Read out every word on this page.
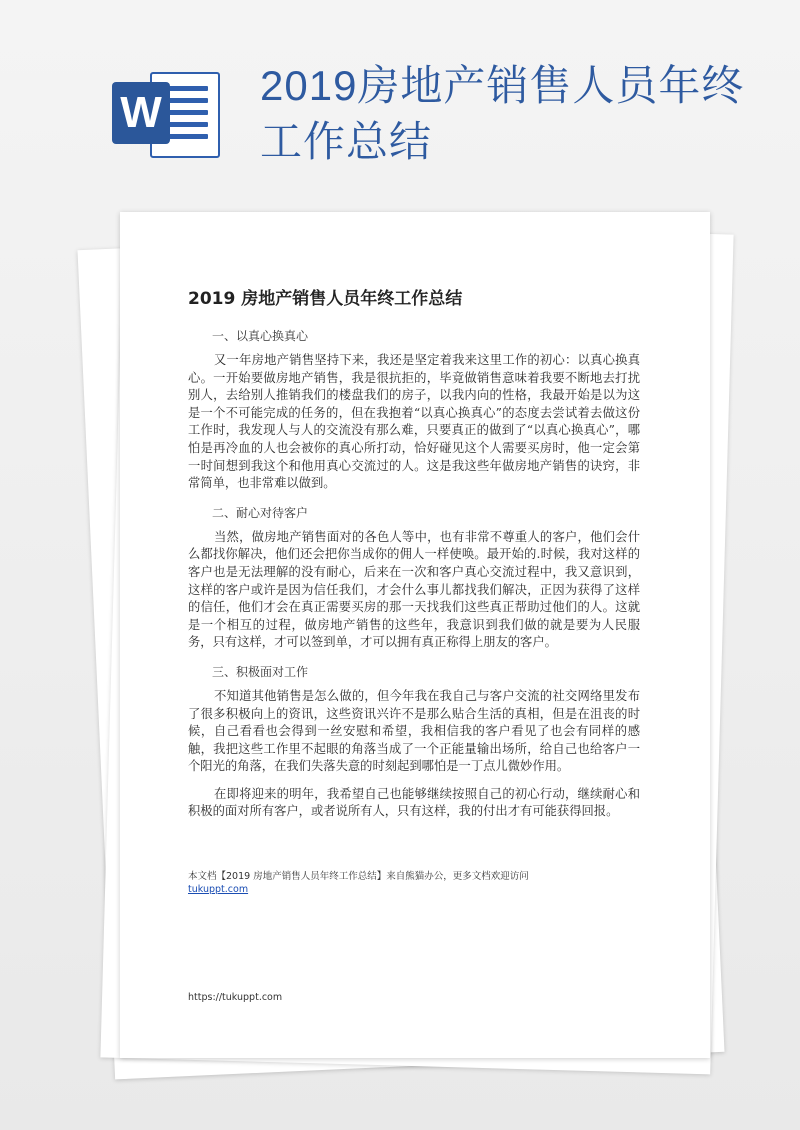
W
2019房地产销售人员年终工作总结
2019 房地产销售人员年终工作总结
一、以真心换真心

又一年房地产销售坚持下来，我还是坚定着我来这里工作的初心：以真心换真心。一开始要做房地产销售，我是很抗拒的，毕竟做销售意味着我要不断地去打扰别人，去给别人推销我们的楼盘我们的房子，以我内向的性格，我最开始是以为这是一个不可能完成的任务的，但在我抱着“以真心换真心”的态度去尝试着去做这份工作时，我发现人与人的交流没有那么难，只要真正的做到了“以真心换真心”，哪怕是再冷血的人也会被你的真心所打动，恰好碰见这个人需要买房时，他一定会第一时间想到我这个和他用真心交流过的人。这是我这些年做房地产销售的诀窍，非常简单，也非常难以做到。

二、耐心对待客户

当然，做房地产销售面对的各色人等中，也有非常不尊重人的客户，他们会什么都找你解决，他们还会把你当成你的佣人一样使唤。最开始的.时候，我对这样的客户也是无法理解的没有耐心，后来在一次和客户真心交流过程中，我又意识到，这样的客户或许是因为信任我们，才会什么事儿都找我们解决，正因为获得了这样的信任，他们才会在真正需要买房的那一天找我们这些真正帮助过他们的人。这就是一个相互的过程，做房地产销售的这些年，我意识到我们做的就是要为人民服务，只有这样，才可以签到单，才可以拥有真正称得上朋友的客户。

三、积极面对工作

不知道其他销售是怎么做的，但今年我在我自己与客户交流的社交网络里发布了很多积极向上的资讯，这些资讯兴许不是那么贴合生活的真相，但是在沮丧的时候，自己看看也会得到一丝安慰和希望，我相信我的客户看见了也会有同样的感触，我把这些工作里不起眼的角落当成了一个正能量输出场所，给自己也给客户一个阳光的角落，在我们失落失意的时刻起到哪怕是一丁点儿微妙作用。

在即将迎来的明年，我希望自己也能够继续按照自己的初心行动，继续耐心和积极的面对所有客户，或者说所有人，只有这样，我的付出才有可能获得回报。

本文档【2019 房地产销售人员年终工作总结】来自熊猫办公，更多文档欢迎访问
tukuppt.com
https://tukuppt.com
